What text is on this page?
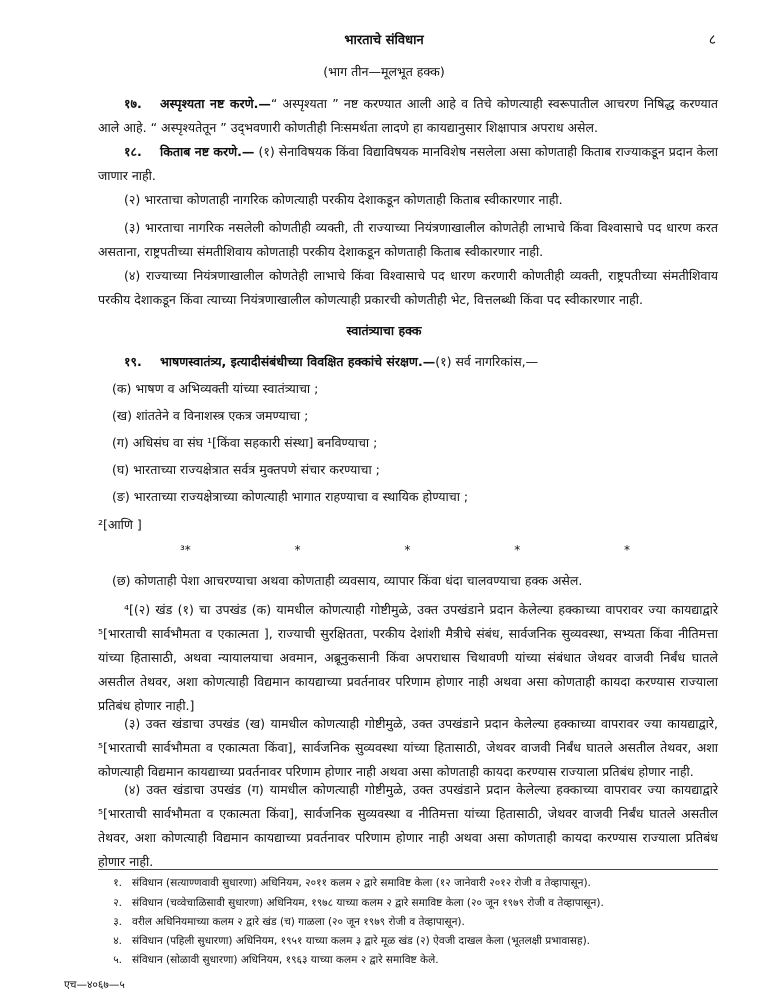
भारताचे संविधान	८
(भाग तीन—मूलभूत हक्क)
१७. अस्पृश्यता नष्ट करणे.—“ अस्पृश्यता ” नष्ट करण्यात आली आहे व तिचे कोणत्याही स्वरूपातील आचरण निषिद्ध करण्यात आले आहे. “ अस्पृश्यतेतून ” उद्‌भवणारी कोणतीही निःसमर्थता लादणे हा कायद्यानुसार शिक्षापात्र अपराध असेल.
१८. किताब नष्ट करणे.— (१) सेनाविषयक किंवा विद्याविषयक मानविशेष नसलेला असा कोणताही किताब राज्याकडून प्रदान केला जाणार नाही.
(२) भारताचा कोणताही नागरिक कोणत्याही परकीय देशाकडून कोणताही किताब स्वीकारणार नाही.
(३) भारताचा नागरिक नसलेली कोणतीही व्यक्ती, ती राज्याच्या नियंत्रणाखालील कोणतेही लाभाचे किंवा विश्वासाचे पद धारण करत असताना, राष्ट्रपतीच्या संमतीशिवाय कोणताही परकीय देशाकडून कोणताही किताब स्वीकारणार नाही.
(४) राज्याच्या नियंत्रणाखालील कोणतेही लाभाचे किंवा विश्वासाचे पद धारण करणारी कोणतीही व्यक्ती, राष्ट्रपतीच्या संमतीशिवाय परकीय देशाकडून किंवा त्याच्या नियंत्रणाखालील कोणत्याही प्रकारची कोणतीही भेट, वित्तलब्धी किंवा पद स्वीकारणार नाही.
स्वातंत्र्याचा हक्क
१९. भाषणस्वातंत्र्य, इत्यादीसंबंधीच्या विवक्षित हक्कांचे संरक्षण.—(१) सर्व नागरिकांस,—
(क) भाषण व अभिव्यक्ती यांच्या स्वातंत्र्याचा ;
(ख) शांततेने व विनाशस्त्र एकत्र जमण्याचा ;
(ग) अधिसंघ वा संघ ¹[किंवा सहकारी संस्था] बनविण्याचा ;
(घ) भारताच्या राज्यक्षेत्रात सर्वत्र मुक्तपणे संचार करण्याचा ;
(ङ) भारताच्या राज्यक्षेत्राच्या कोणत्याही भागात राहण्याचा व स्थायिक होण्याचा ;
²[आणि ]
³*	*	*	*	*
(छ) कोणताही पेशा आचरण्याचा अथवा कोणताही व्यवसाय, व्यापार किंवा धंदा चालवण्याचा हक्क असेल.
⁴[(२) खंड (१) चा उपखंड (क) यामधील कोणत्याही गोष्टीमुळे, उक्त उपखंडाने प्रदान केलेल्या हक्काच्या वापरावर ज्या कायद्याद्वारे ⁵[भारताची सार्वभौमता व एकात्मता ], राज्याची सुरक्षितता, परकीय देशांशी मैत्रीचे संबंध, सार्वजनिक सुव्यवस्था, सभ्यता किंवा नीतिमत्ता यांच्या हितासाठी, अथवा न्यायालयाचा अवमान, अब्रूनुकसानी किंवा अपराधास चिथावणी यांच्या संबंधात जेथवर वाजवी निर्बंध घातले असतील तेथवर, अशा कोणत्याही विद्यमान कायद्याच्या प्रवर्तनावर परिणाम होणार नाही अथवा असा कोणताही कायदा करण्यास राज्याला प्रतिबंध होणार नाही.]
(३) उक्त खंडाचा उपखंड (ख) यामधील कोणत्याही गोष्टीमुळे, उक्त उपखंडाने प्रदान केलेल्या हक्काच्या वापरावर ज्या कायद्याद्वारे, ⁵[भारताची सार्वभौमता व एकात्मता किंवा], सार्वजनिक सुव्यवस्था यांच्या हितासाठी, जेथवर वाजवी निर्बंध घातले असतील तेथवर, अशा कोणत्याही विद्यमान कायद्याच्या प्रवर्तनावर परिणाम होणार नाही अथवा असा कोणताही कायदा करण्यास राज्याला प्रतिबंध होणार नाही.
(४) उक्त खंडाचा उपखंड (ग) यामधील कोणत्याही गोष्टीमुळे, उक्त उपखंडाने प्रदान केलेल्या हक्काच्या वापरावर ज्या कायद्याद्वारे ⁵[भारताची सार्वभौमता व एकात्मता किंवा], सार्वजनिक सुव्यवस्था व नीतिमत्ता यांच्या हितासाठी, जेथवर वाजवी निर्बंध घातले असतील तेथवर, अशा कोणत्याही विद्यमान कायद्याच्या प्रवर्तनावर परिणाम होणार नाही अथवा असा कोणताही कायदा करण्यास राज्याला प्रतिबंध होणार नाही.
१. संविधान (सत्याण्णवावी सुधारणा) अधिनियम, २०११ कलम २ द्वारे समाविष्ट केला (१२ जानेवारी २०१२ रोजी व तेव्हापासून).
२. संविधान (चव्वेचाळिसावी सुधारणा) अधिनियम, १९७८ याच्या कलम २ द्वारे समाविष्ट केला (२० जून १९७९ रोजी व तेव्हापासून).
३. वरील अधिनियमाच्या कलम २ द्वारे खंड (च) गाळला (२० जून १९७९ रोजी व तेव्हापासून).
४. संविधान (पहिली सुधारणा) अधिनियम, १९५१ याच्या कलम ३ द्वारे मूळ खंड (२) ऐवजी दाखल केला (भूतलक्षी प्रभावासह).
५. संविधान (सोळावी सुधारणा) अधिनियम, १९६३ याच्या कलम २ द्वारे समाविष्ट केले.
एच—४०६७—५
